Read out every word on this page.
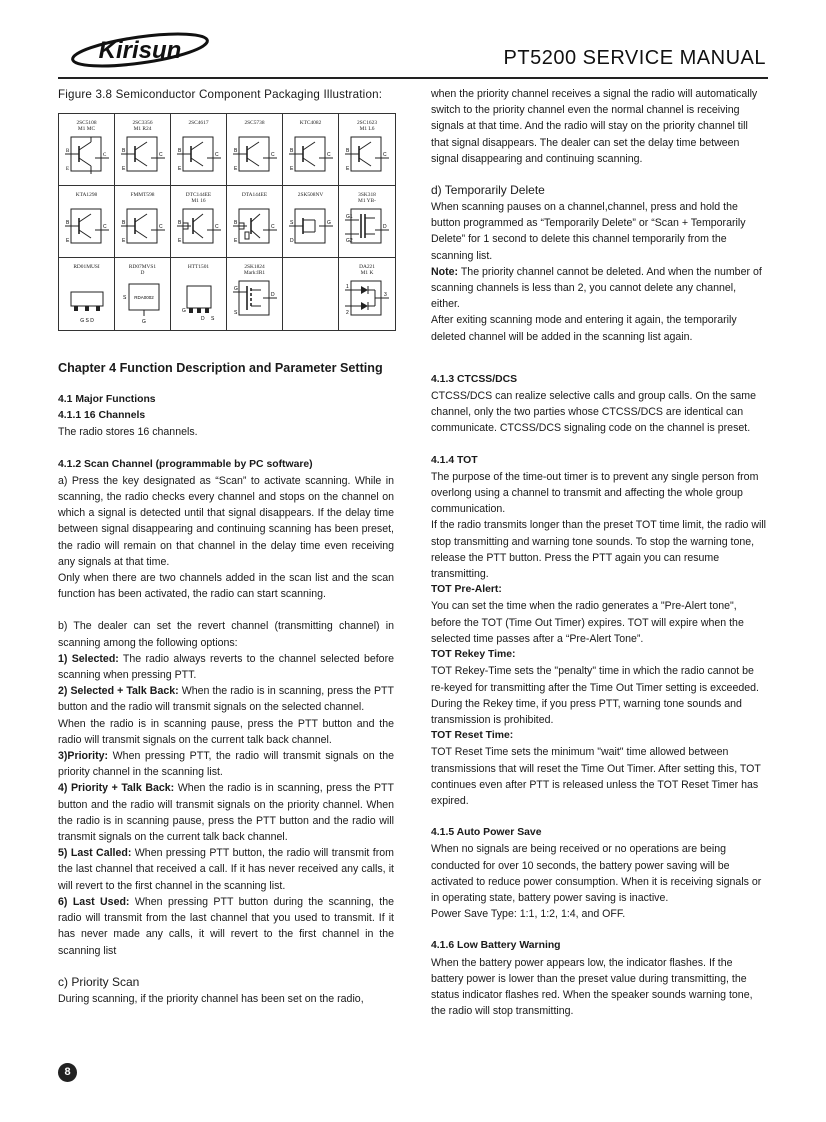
Kirisun	PT5200 SERVICE MANUAL

Figure 3.8 Semiconductor Component Packaging Illustration:

2SC5108
M1 MC
B
C
E
2SC3356
M1 R24
B
C
E
2SC4617

B
C
E
2SC5738

B
C
E
KTC4082

B
C
E
2SC1623
M1 L6
B
C
E
KTA1298

B
C
E
FMMT598

B
C
E
DTC144EE
M1 16
B
C
E
DTA144EE

B
C
E
2SK508NV

S	G
D
3SK318
M1 YB-
G1
D
G2
RD01MUSI

G S D
RD07MVS1
D
RDA0002
S
G
HTT1501

G
D S
2SK1824
Mark:IR1
G
D
S
DA221
M1 K
1
2
3

Chapter 4 Function Description and Parameter Setting

4.1 Major Functions

4.1.1 16 Channels

The radio stores 16 channels.

4.1.2 Scan Channel (programmable by PC software)

a) Press the key designated as “Scan” to activate scanning. While in scanning, the radio checks every channel and stops on the channel on which a signal is detected until that signal disappears. If the delay time between signal disappearing and continuing scanning has been preset, the radio will remain on that channel in the delay time even receiving any signals at that time.

Only when there are two channels added in the scan list and the scan function has been activated, the radio can start scanning.

b) The dealer can set the revert channel (transmitting channel) in scanning among the following options:

1) Selected: The radio always reverts to the channel selected before scanning when pressing PTT.

2) Selected + Talk Back: When the radio is in scanning, press the PTT button and the radio will transmit signals on the selected channel.

When the radio is in scanning pause, press the PTT button and the radio will transmit signals on the current talk back channel.

3)Priority: When pressing PTT, the radio will transmit signals on the priority channel in the scanning list.

4) Priority + Talk Back: When the radio is in scanning, press the PTT button and the radio will transmit signals on the priority channel. When the radio is in scanning pause, press the PTT button and the radio will transmit signals on the current talk back channel.

5) Last Called: When pressing PTT button, the radio will transmit from the last channel that received a call. If it has never received any calls, it will revert to the first channel in the scanning list.

6) Last Used: When pressing PTT button during the scanning, the radio will transmit from the last channel that you used to transmit. If it has never made any calls, it will revert to the first channel in the scanning list

c) Priority Scan

During scanning, if the priority channel has been set on the radio,

when the priority channel receives a signal the radio will automatically switch to the priority channel even the normal channel is receiving signals at that time. And the radio will stay on the priority channel till that signal disappears. The dealer can set the delay time between signal disappearing and continuing scanning.

d) Temporarily Delete

When scanning pauses on a channel,channel, press and hold the button programmed as “Temporarily Delete” or “Scan + Temporarily Delete” for 1 second to delete this channel temporarily from the scanning list.

Note: The priority channel cannot be deleted. And when the number of scanning channels is less than 2, you cannot delete any channel, either.

After exiting scanning mode and entering it again, the temporarily deleted channel will be added in the scanning list again.

4.1.3 CTCSS/DCS

CTCSS/DCS can realize selective calls and group calls. On the same channel, only the two parties whose CTCSS/DCS are identical can communicate. CTCSS/DCS signaling code on the channel is preset.

4.1.4 TOT

The purpose of the time-out timer is to prevent any single person from overlong using a channel to transmit and affecting the whole group communication.

If the radio transmits longer than the preset TOT time limit, the radio will stop transmitting and warning tone sounds. To stop the warning tone, release the PTT button. Press the PTT again you can resume transmitting.

TOT Pre-Alert:

You can set the time when the radio generates a "Pre-Alert tone", before the TOT (Time Out Timer) expires. TOT will expire when the selected time passes after a “Pre-Alert Tone”.

TOT Rekey Time:

TOT Rekey-Time sets the "penalty" time in which the radio cannot be re-keyed for transmitting after the Time Out Timer setting is exceeded. During the Rekey time, if you press PTT, warning tone sounds and transmission is prohibited.

TOT Reset Time:

TOT Reset Time sets the minimum "wait" time allowed between transmissions that will reset the Time Out Timer. After setting this, TOT continues even after PTT is released unless the TOT Reset Timer has expired.

4.1.5 Auto Power Save

When no signals are being received or no operations are being conducted for over 10 seconds, the battery power saving will be activated to reduce power consumption. When it is receiving signals or in operating state, battery power saving is inactive.

Power Save Type: 1:1, 1:2, 1:4, and OFF.

4.1.6 Low Battery Warning

When the battery power appears low, the indicator flashes. If the battery power is lower than the preset value during transmitting, the status indicator flashes red. When the speaker sounds warning tone, the radio will stop transmitting.

8
